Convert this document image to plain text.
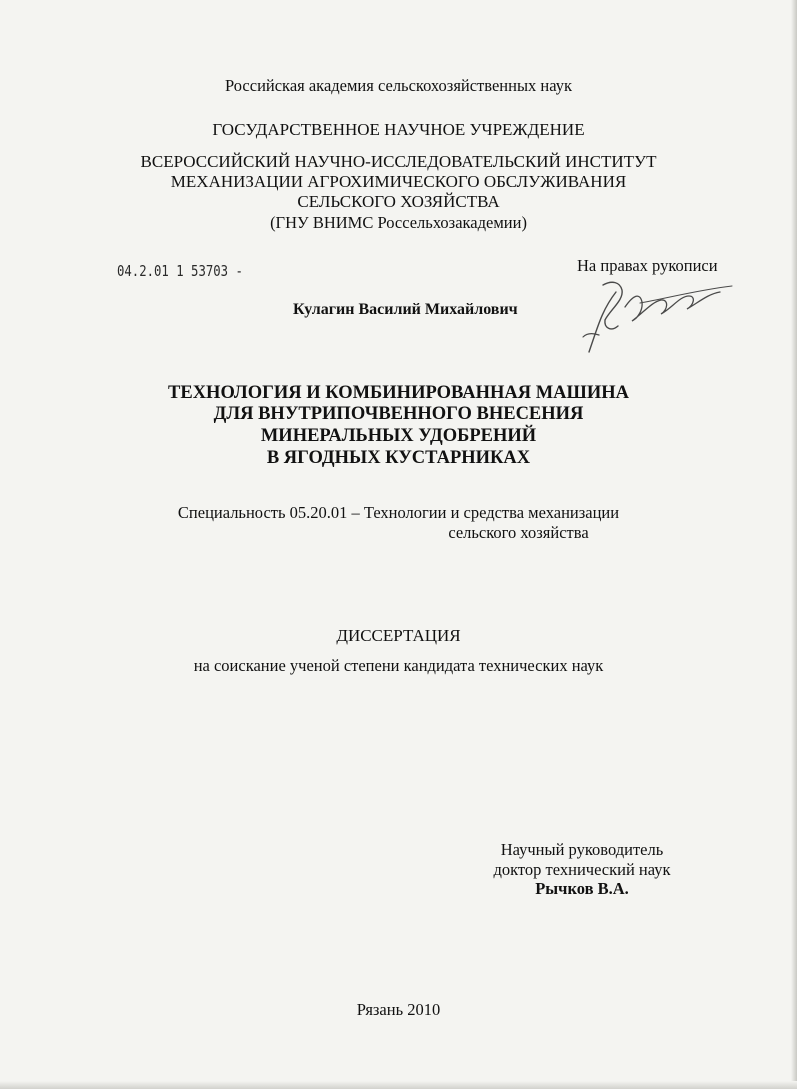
Российская академия сельскохозяйственных наук
ГОСУДАРСТВЕННОЕ НАУЧНОЕ УЧРЕЖДЕНИЕ
ВСЕРОССИЙСКИЙ НАУЧНО-ИССЛЕДОВАТЕЛЬСКИЙ ИНСТИТУТ
МЕХАНИЗАЦИИ АГРОХИМИЧЕСКОГО ОБСЛУЖИВАНИЯ
СЕЛЬСКОГО ХОЗЯЙСТВА
(ГНУ ВНИМС Россельхозакадемии)
04.2.01 1 53703 -	На правах рукописи
Кулагин Василий Михайлович
ТЕХНОЛОГИЯ И КОМБИНИРОВАННАЯ МАШИНА
ДЛЯ ВНУТРИПОЧВЕННОГО ВНЕСЕНИЯ
МИНЕРАЛЬНЫХ УДОБРЕНИЙ
В ЯГОДНЫХ КУСТАРНИКАХ
Специальность 05.20.01 – Технологии и средства механизации
сельского хозяйства
ДИССЕРТАЦИЯ
на соискание ученой степени кандидата технических наук
Научный руководитель
доктор технический наук
Рычков В.А.
Рязань 2010
